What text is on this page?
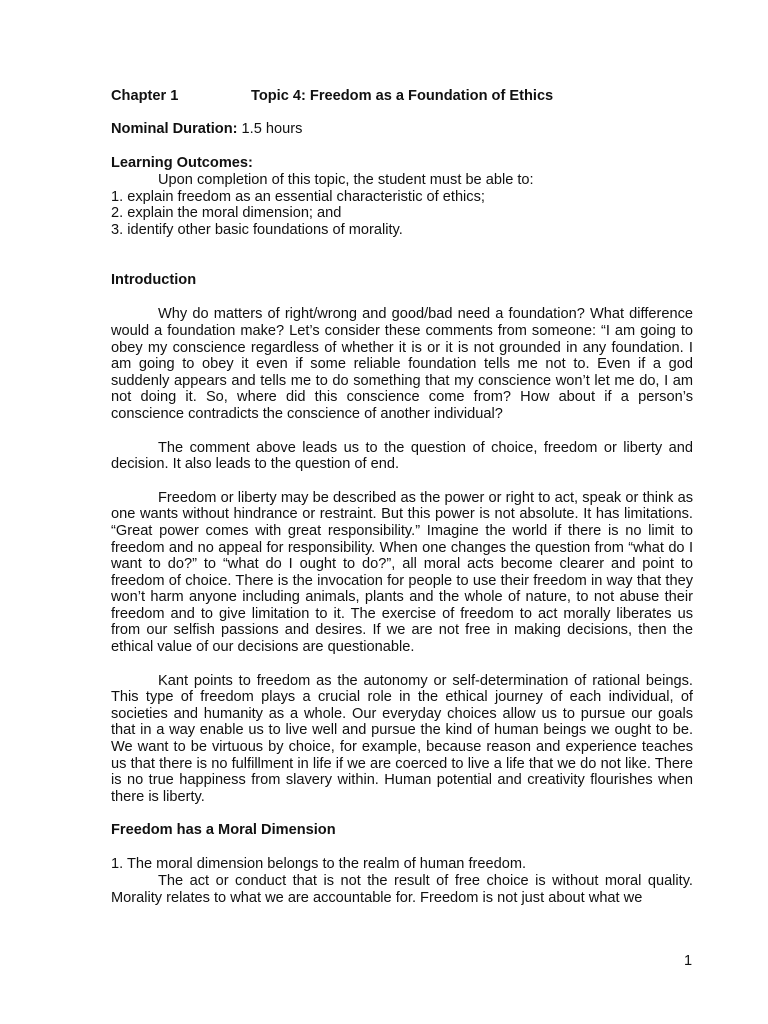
Chapter 1	Topic 4: Freedom as a Foundation of Ethics
Nominal Duration: 1.5 hours
Learning Outcomes:
Upon completion of this topic, the student must be able to:
1. explain freedom as an essential characteristic of ethics;
2. explain the moral dimension; and
3. identify other basic foundations of morality.
Introduction

Why do matters of right/wrong and good/bad need a foundation? What difference would a foundation make? Let’s consider these comments from someone: “I am going to obey my conscience regardless of whether it is or it is not grounded in any foundation. I am going to obey it even if some reliable foundation tells me not to. Even if a god suddenly appears and tells me to do something that my conscience won’t let me do, I am not doing it. So, where did this conscience come from? How about if a person’s conscience contradicts the conscience of another individual?

The comment above leads us to the question of choice, freedom or liberty and decision. It also leads to the question of end.

Freedom or liberty may be described as the power or right to act, speak or think as one wants without hindrance or restraint. But this power is not absolute. It has limitations. “Great power comes with great responsibility.” Imagine the world if there is no limit to freedom and no appeal for responsibility. When one changes the question from “what do I want to do?” to “what do I ought to do?”, all moral acts become clearer and point to freedom of choice. There is the invocation for people to use their freedom in way that they won’t harm anyone including animals, plants and the whole of nature, to not abuse their freedom and to give limitation to it. The exercise of freedom to act morally liberates us from our selfish passions and desires. If we are not free in making decisions, then the ethical value of our decisions are questionable.

Kant points to freedom as the autonomy or self-determination of rational beings. This type of freedom plays a crucial role in the ethical journey of each individual, of societies and humanity as a whole. Our everyday choices allow us to pursue our goals that in a way enable us to live well and pursue the kind of human beings we ought to be. We want to be virtuous by choice, for example, because reason and experience teaches us that there is no fulfillment in life if we are coerced to live a life that we do not like. There is no true happiness from slavery within. Human potential and creativity flourishes when there is liberty.

Freedom has a Moral Dimension
1. The moral dimension belongs to the realm of human freedom.

The act or conduct that is not the result of free choice is without moral quality. Morality relates to what we are accountable for. Freedom is not just about what we

1
